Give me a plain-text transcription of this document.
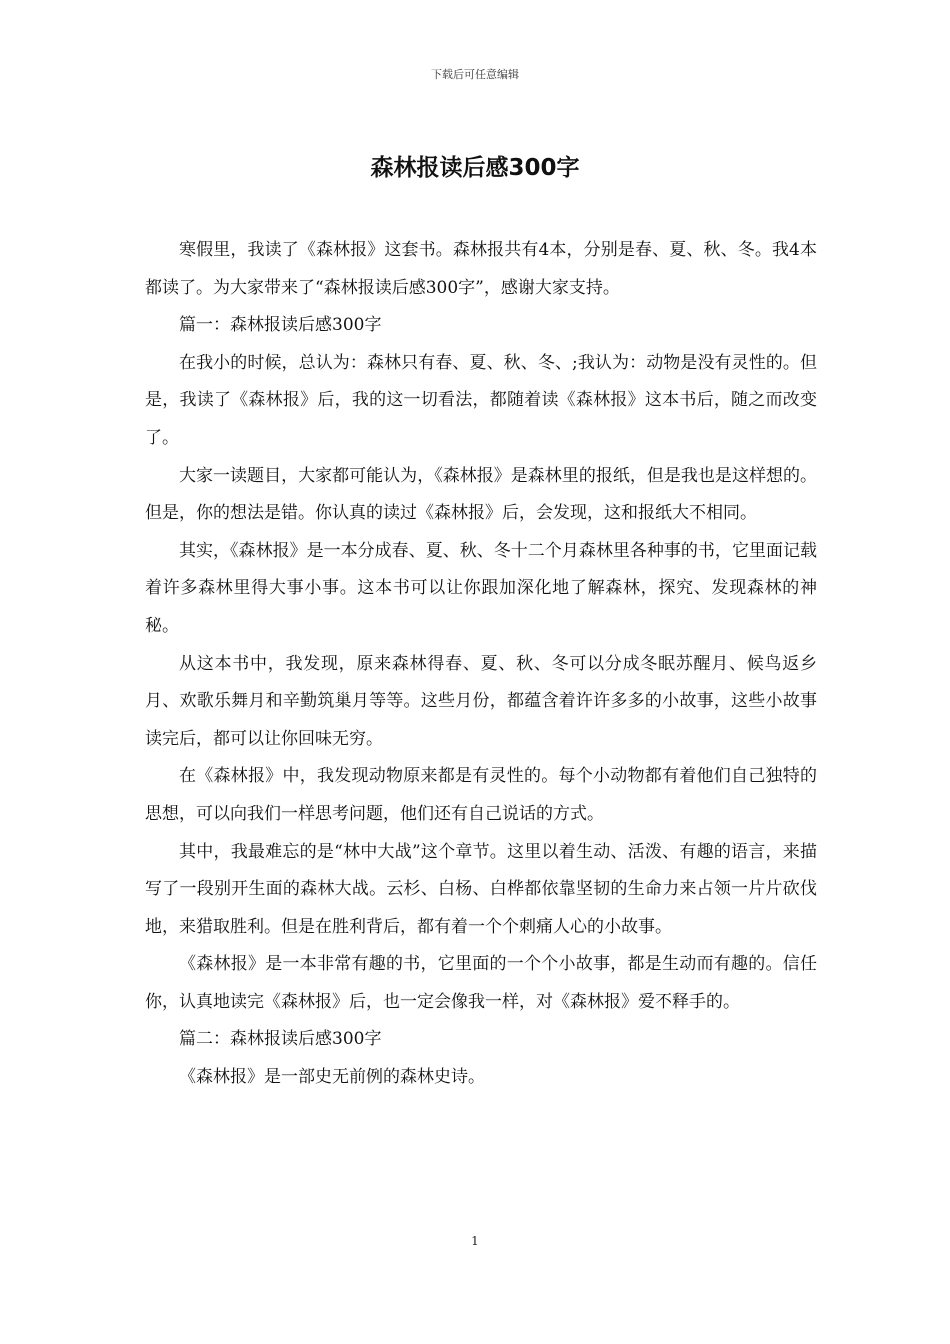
下载后可任意编辑
森林报读后感300字

寒假里，我读了《森林报》这套书。森林报共有4本，分别是春、夏、秋、冬。我4本都读了。为大家带来了“森林报读后感300字”，感谢大家支持。

篇一：森林报读后感300字

在我小的时候，总认为：森林只有春、夏、秋、冬、;我认为：动物是没有灵性的。但是，我读了《森林报》后，我的这一切看法，都随着读《森林报》这本书后，随之而改变了。

大家一读题目，大家都可能认为，《森林报》是森林里的报纸，但是我也是这样想的。但是，你的想法是错。你认真的读过《森林报》后，会发现，这和报纸大不相同。

其实，《森林报》是一本分成春、夏、秋、冬十二个月森林里各种事的书，它里面记载着许多森林里得大事小事。这本书可以让你跟加深化地了解森林，探究、发现森林的神秘。

从这本书中，我发现，原来森林得春、夏、秋、冬可以分成冬眠苏醒月、候鸟返乡月、欢歌乐舞月和辛勤筑巢月等等。这些月份，都蕴含着许许多多的小故事，这些小故事读完后，都可以让你回味无穷。

在《森林报》中，我发现动物原来都是有灵性的。每个小动物都有着他们自己独特的思想，可以向我们一样思考问题，他们还有自己说话的方式。

其中，我最难忘的是“林中大战”这个章节。这里以着生动、活泼、有趣的语言，来描写了一段别开生面的森林大战。云杉、白杨、白桦都依靠坚韧的生命力来占领一片片砍伐地，来猎取胜利。但是在胜利背后，都有着一个个刺痛人心的小故事。

《森林报》是一本非常有趣的书，它里面的一个个小故事，都是生动而有趣的。信任你，认真地读完《森林报》后，也一定会像我一样，对《森林报》爱不释手的。

篇二：森林报读后感300字

《森林报》是一部史无前例的森林史诗。

1
